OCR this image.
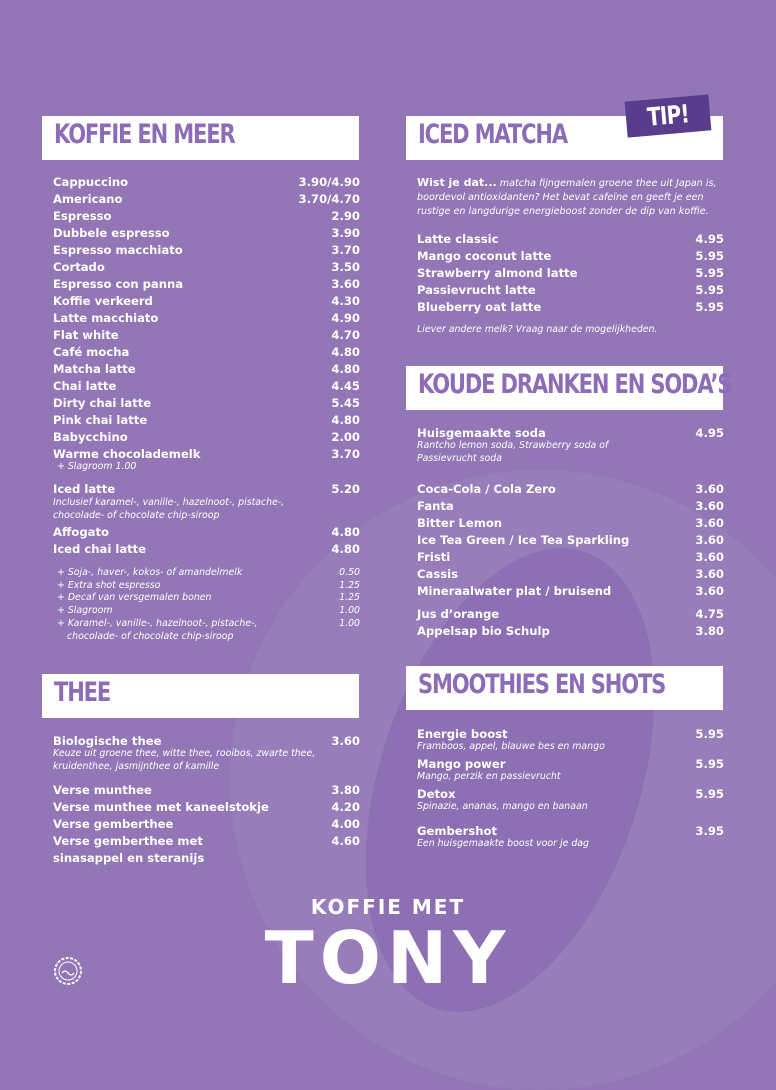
KOFFIE EN MEER
Cappuccino	3.90/4.90
Americano	3.70/4.70
Espresso	2.90
Dubbele espresso	3.90
Espresso macchiato	3.70
Cortado	3.50
Espresso con panna	3.60
Koffie verkeerd	4.30
Latte macchiato	4.90
Flat white	4.70
Café mocha	4.80
Matcha latte	4.80
Chai latte	4.45
Dirty chai latte	5.45
Pink chai latte	4.80
Babycchino	2.00
Warme chocolademelk	3.70
+ Slagroom 1.00
Iced latte	5.20
Inclusief karamel-, vanille-, hazelnoot-, pistache-, chocolade- of chocolate chip-siroop
Affogato	4.80
Iced chai latte	4.80
+ Soja-, haver-, kokos- of amandelmelk	0.50
+ Extra shot espresso	1.25
+ Decaf van versgemalen bonen	1.25
+ Slagroom	1.00
+ Karamel-, vanille-, hazelnoot-, pistache-,	1.00
chocolade- of chocolate chip-siroop
THEE
Biologische thee	3.60
Keuze uit groene thee, witte thee, rooibos, zwarte thee, kruidenthee, jasmijnthee of kamille
Verse munthee	3.80
Verse munthee met kaneelstokje	4.20
Verse gemberthee	4.00
Verse gemberthee met	4.60
sinasappel en steranijs
ICED MATCHA
TIP!
Wist je dat... matcha fijngemalen groene thee uit Japan is, boordevol antioxidanten? Het bevat cafeïne en geeft je een rustige en langdurige energieboost zonder de dip van koffie.
Latte classic	4.95
Mango coconut latte	5.95
Strawberry almond latte	5.95
Passievrucht latte	5.95
Blueberry oat latte	5.95
Liever andere melk? Vraag naar de mogelijkheden.
KOUDE DRANKEN EN SODA’S
Huisgemaakte soda	4.95
Rantcho lemon soda, Strawberry soda of Passievrucht soda
Coca-Cola / Cola Zero	3.60
Fanta	3.60
Bitter Lemon	3.60
Ice Tea Green / Ice Tea Sparkling	3.60
Fristi	3.60
Cassis	3.60
Mineraalwater plat / bruisend	3.60
Jus d’orange	4.75
Appelsap bio Schulp	3.80
SMOOTHIES EN SHOTS
Energie boost	5.95
Framboos, appel, blauwe bes en mango
Mango power	5.95
Mango, perzik en passievrucht
Detox	5.95
Spinazie, ananas, mango en banaan
Gembershot	3.95
Een huisgemaakte boost voor je dag
KOFFIE MET
TONY
